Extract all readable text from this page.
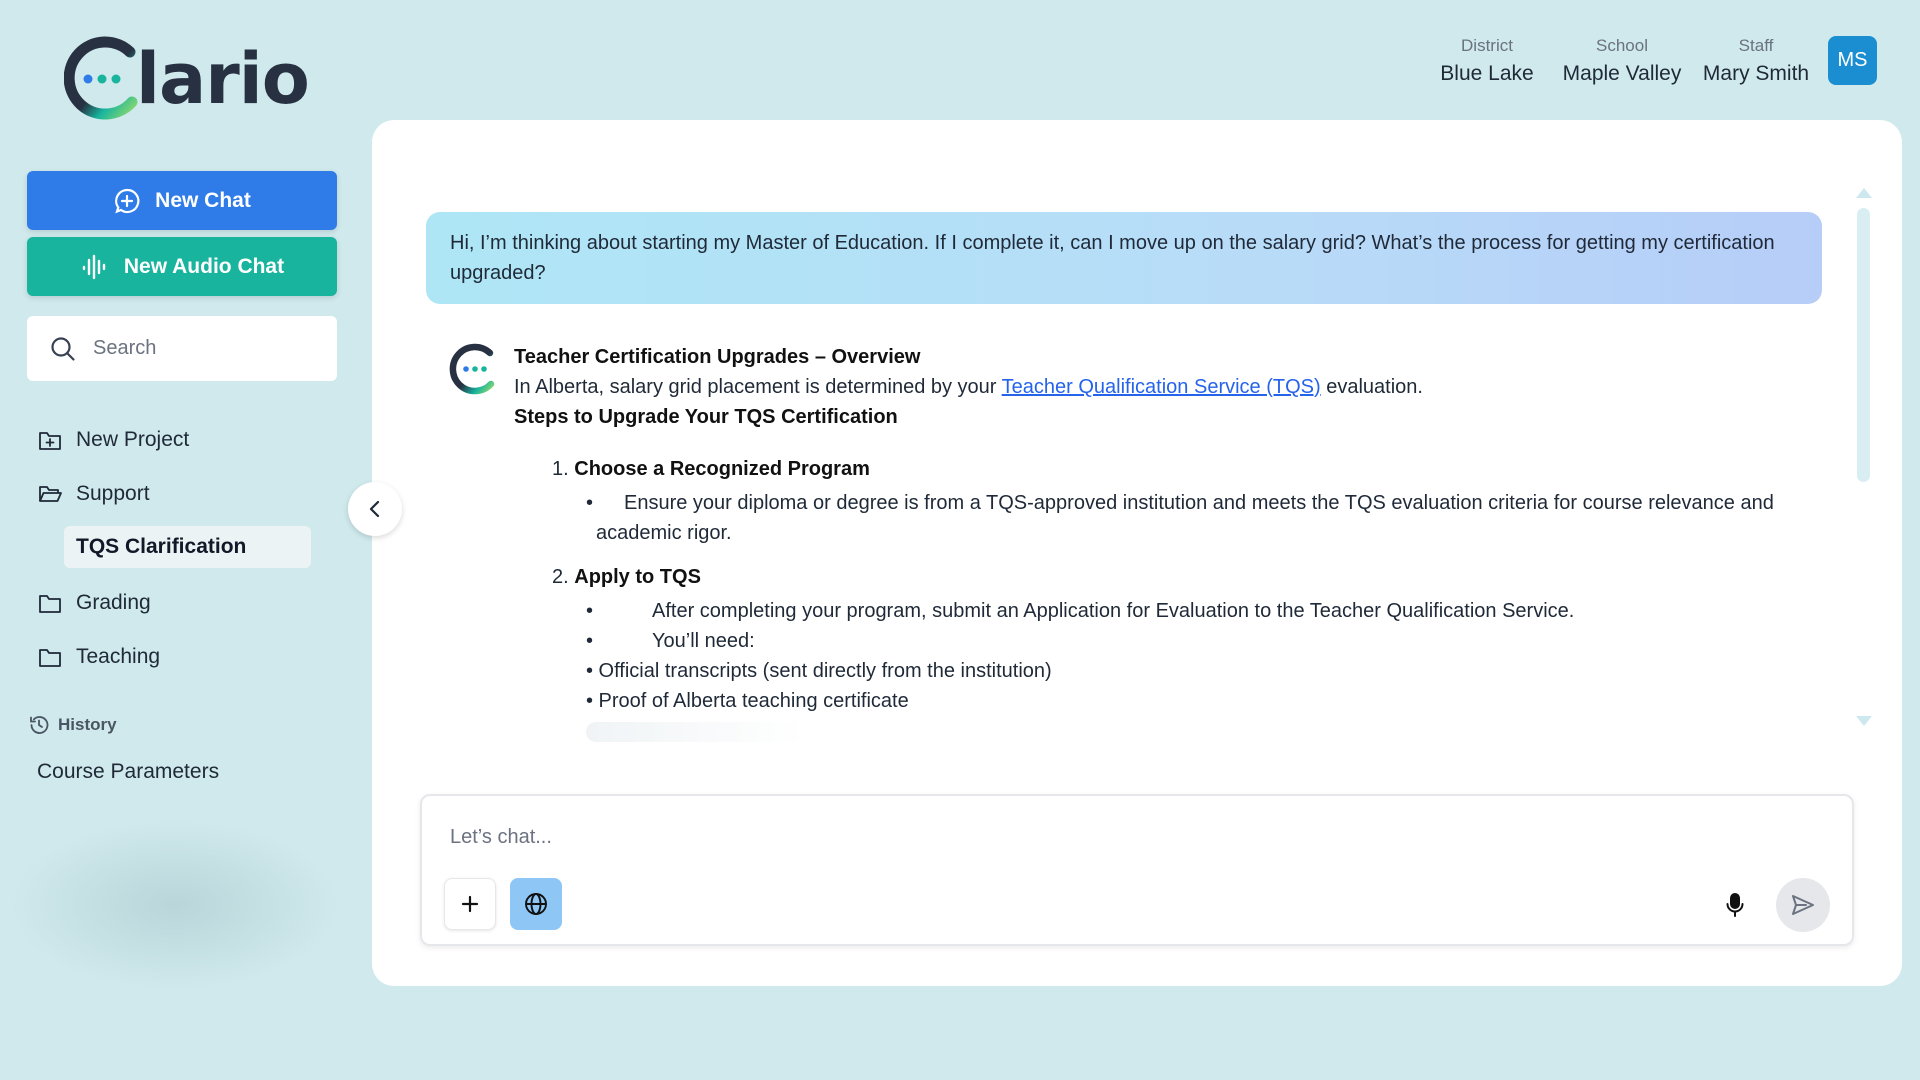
lario
New Chat
New Audio Chat
Search
New Project
Support
TQS Clarification
Grading
Teaching
History
Course Parameters
District
Blue Lake
School
Maple Valley
Staff
Mary Smith
MS
Hi, I’m thinking about starting my Master of Education. If I complete it, can I move up on the salary grid? What’s the process for getting my certification upgraded?
Teacher Certification Upgrades – Overview
In Alberta, salary grid placement is determined by your Teacher Qualification Service (TQS) evaluation.
Steps to Upgrade Your TQS Certification
1. Choose a Recognized Program
•	Ensure your diploma or degree is from a TQS-approved institution and meets the TQS evaluation criteria for course relevance and academic rigor.
2. Apply to TQS
•	After completing your program, submit an Application for Evaluation to the Teacher Qualification Service.
•	You’ll need:
• Official transcripts (sent directly from the institution)
• Proof of Alberta teaching certificate
Let’s chat...
